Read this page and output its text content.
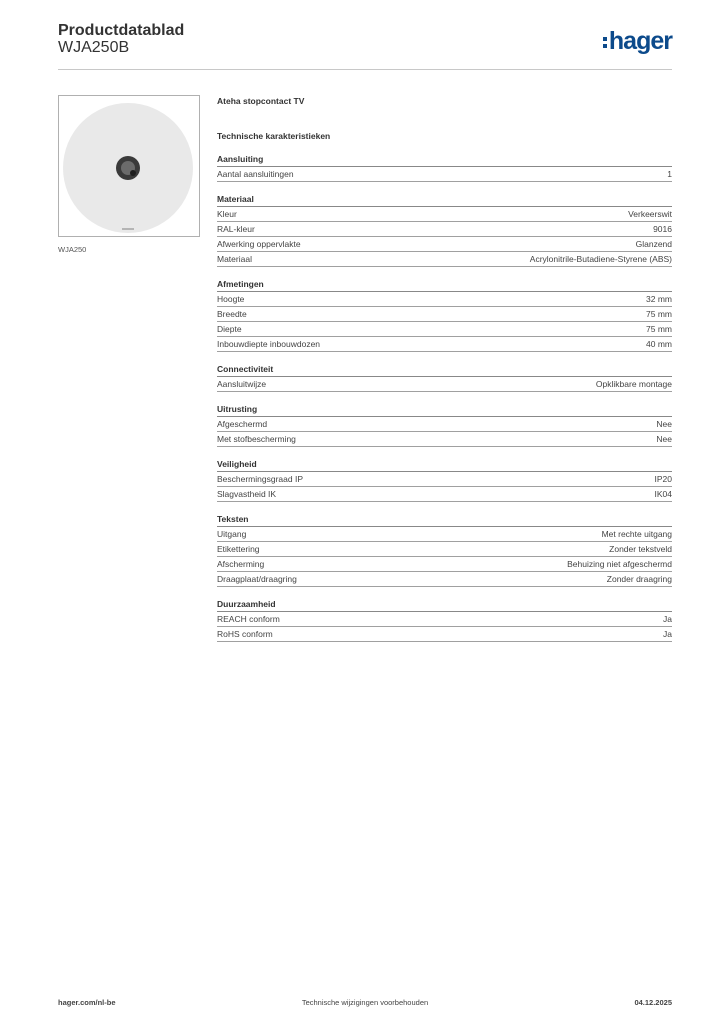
Productdatablad
WJA250B	hager
WJA250
Ateha stopcontact TV
Technische karakteristieken
Aansluiting
Aantal aansluitingen	1
Materiaal
Kleur	Verkeerswit
RAL-kleur	9016
Afwerking oppervlakte	Glanzend
Materiaal	Acrylonitrile-Butadiene-Styrene (ABS)
Afmetingen
Hoogte	32 mm
Breedte	75 mm
Diepte	75 mm
Inbouwdiepte inbouwdozen	40 mm
Connectiviteit
Aansluitwijze	Opklikbare montage
Uitrusting
Afgeschermd	Nee
Met stofbescherming	Nee
Veiligheid
Beschermingsgraad IP	IP20
Slagvastheid IK	IK04
Teksten
Uitgang	Met rechte uitgang
Etikettering	Zonder tekstveld
Afscherming	Behuizing niet afgeschermd
Draagplaat/draagring	Zonder draagring
Duurzaamheid
REACH conform	Ja
RoHS conform	Ja
hager.com/nl-be	Technische wijzigingen voorbehouden	04.12.2025
